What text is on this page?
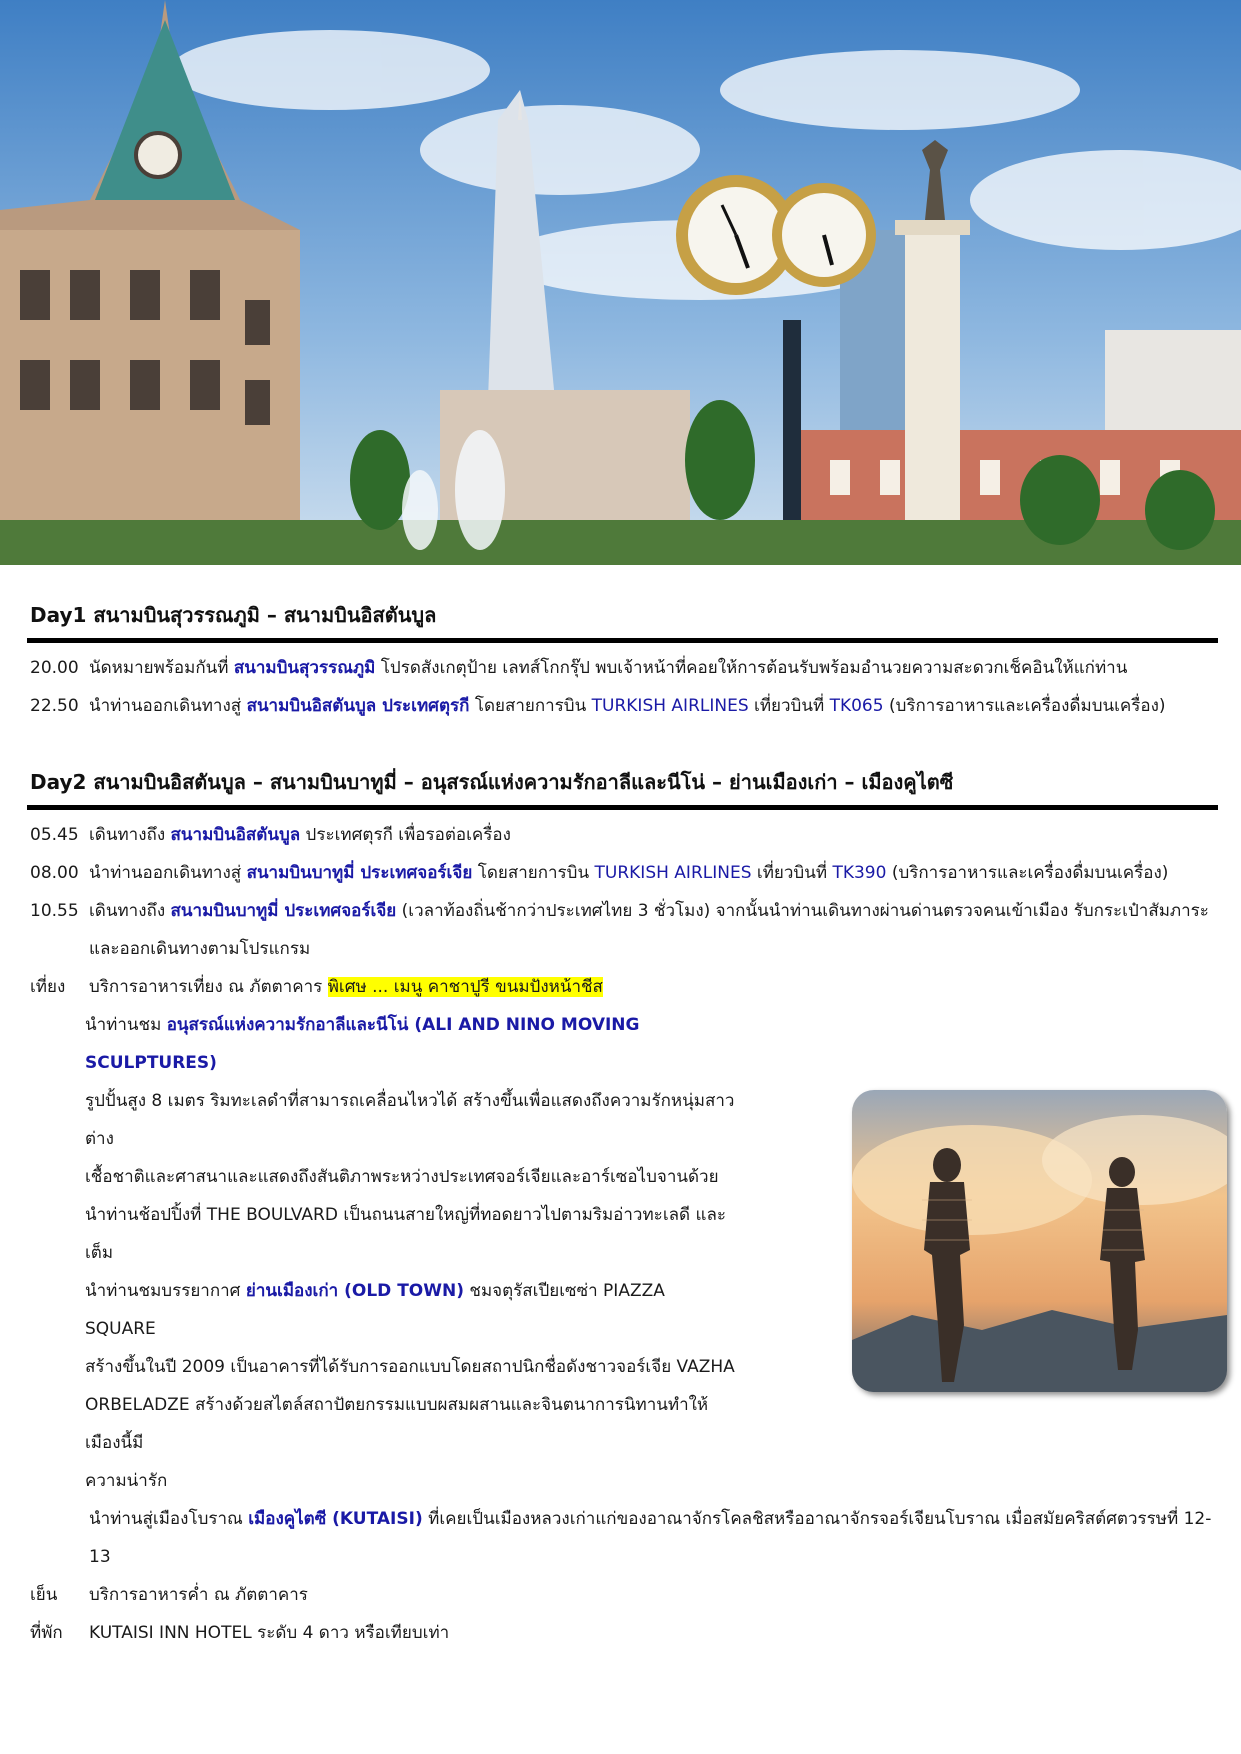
Day1 สนามบินสุวรรณภูมิ – สนามบินอิสตันบูล
20.00 นัดหมายพร้อมกันที่ สนามบินสุวรรณภูมิ โปรดสังเกตุป้าย เลทส์โกกรุ๊ป พบเจ้าหน้าที่คอยให้การต้อนรับพร้อมอำนวยความสะดวกเช็คอินให้แก่ท่าน
22.50 นำท่านออกเดินทางสู่ สนามบินอิสตันบูล ประเทศตุรกี โดยสายการบิน TURKISH AIRLINES เที่ยวบินที่ TK065 (บริการอาหารและเครื่องดื่มบนเครื่อง)
Day2 สนามบินอิสตันบูล – สนามบินบาทูมี่ – อนุสรณ์แห่งความรักอาลีและนีโน่ – ย่านเมืองเก่า – เมืองคูไตซี
05.45 เดินทางถึง สนามบินอิสตันบูล ประเทศตุรกี เพื่อรอต่อเครื่อง
08.00 นำท่านออกเดินทางสู่ สนามบินบาทูมี่ ประเทศจอร์เจีย โดยสายการบิน TURKISH AIRLINES เที่ยวบินที่ TK390 (บริการอาหารและเครื่องดื่มบนเครื่อง)
10.55 เดินทางถึง สนามบินบาทูมี่ ประเทศจอร์เจีย (เวลาท้องถิ่นช้ากว่าประเทศไทย 3 ชั่วโมง) จากนั้นนำท่านเดินทางผ่านด่านตรวจคนเข้าเมือง รับกระเป๋าสัมภาระ และออกเดินทางตามโปรแกรม
เที่ยง	บริการอาหารเที่ยง ณ ภัตตาคาร พิเศษ ... เมนู คาชาปูรี ขนมปังหน้าชีส
นำท่านชม อนุสรณ์แห่งความรักอาลีและนีโน่ (ALI AND NINO MOVING SCULPTURES)
รูปปั้นสูง 8 เมตร ริมทะเลดำที่สามารถเคลื่อนไหวได้ สร้างขึ้นเพื่อแสดงถึงความรักหนุ่มสาวต่าง
เชื้อชาติและศาสนาและแสดงถึงสันติภาพระหว่างประเทศจอร์เจียและอาร์เซอไบจานด้วย
นำท่านช้อปปิ้งที่ THE BOULVARD เป็นถนนสายใหญ่ที่ทอดยาวไปตามริมอ่าวทะเลดี และเต็ม
นำท่านชมบรรยากาศ ย่านเมืองเก่า (OLD TOWN) ชมจตุรัสเปียเซซ่า PIAZZA SQUARE
สร้างขึ้นในปี 2009 เป็นอาคารที่ได้รับการออกแบบโดยสถาปนิกชื่อดังชาวจอร์เจีย VAZHA
ORBELADZE สร้างด้วยสไตล์สถาปัตยกรรมแบบผสมผสานและจินตนาการนิทานทำให้เมืองนี้มี
ความน่ารัก
นำท่านสู่เมืองโบราณ เมืองคูไตซี (KUTAISI) ที่เคยเป็นเมืองหลวงเก่าแก่ของอาณาจักรโคลชิสหรืออาณาจักรจอร์เจียนโบราณ เมื่อสมัยคริสต์ศตวรรษที่ 12-13
เย็น	บริการอาหารค่ำ ณ ภัตตาคาร
ที่พัก	KUTAISI INN HOTEL ระดับ 4 ดาว หรือเทียบเท่า
